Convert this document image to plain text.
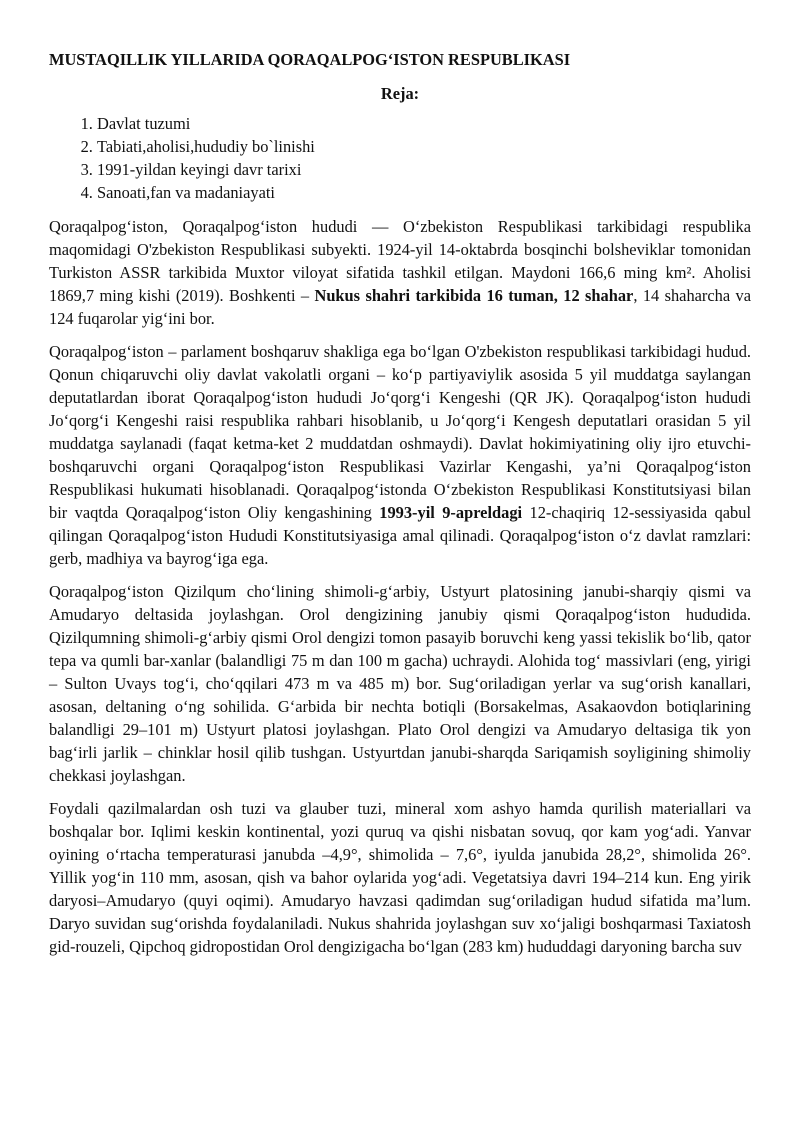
MUSTAQILLIK YILLARIDA QORAQALPOG‘ISTON RESPUBLIKASI
Reja:
1. Davlat tuzumi
2. Tabiati,aholisi,hududiy bo`linishi
3. 1991-yildan keyingi davr tarixi
4. Sanoati,fan va madaniayati

Qoraqalpog‘iston, Qoraqalpog‘iston hududi — O‘zbekiston Respublikasi tarkibidagi respublika maqomidagi O'zbekiston Respublikasi subyekti. 1924-yil 14-oktabrda bosqinchi bolsheviklar tomonidan Turkiston ASSR tarkibida Muxtor viloyat sifatida tashkil etilgan. Maydoni 166,6 ming km². Aholisi 1869,7 ming kishi (2019). Boshkenti – Nukus shahri tarkibida 16 tuman, 12 shahar, 14 shaharcha va 124 fuqarolar yig‘ini bor.

Qoraqalpog‘iston – parlament boshqaruv shakliga ega bo‘lgan O'zbekiston respublikasi tarkibidagi hudud. Qonun chiqaruvchi oliy davlat vakolatli organi – ko‘p partiyaviylik asosida 5 yil muddatga saylangan deputatlardan iborat Qoraqalpog‘iston hududi Jo‘qorg‘i Kengeshi (QR JK). Qoraqalpog‘iston hududi Jo‘qorg‘i Kengeshi raisi respublika rahbari hisoblanib, u Jo‘qorg‘i Kengesh deputatlari orasidan 5 yil muddatga saylanadi (faqat ketma-ket 2 muddatdan oshmaydi). Davlat hokimiyatining oliy ijro etuvchi-boshqaruvchi organi Qoraqalpog‘iston Respublikasi Vazirlar Kengashi, ya’ni Qoraqalpog‘iston Respublikasi hukumati hisoblanadi. Qoraqalpog‘istonda O‘zbekiston Respublikasi Konstitutsiyasi bilan bir vaqtda Qoraqalpog‘iston Oliy kengashining 1993-yil 9-apreldagi 12-chaqiriq 12-sessiyasida qabul qilingan Qoraqalpog‘iston Hududi Konstitutsiyasiga amal qilinadi. Qoraqalpog‘iston o‘z davlat ramzlari: gerb, madhiya va bayrog‘iga ega.

Qoraqalpog‘iston Qizilqum cho‘lining shimoli-g‘arbiy, Ustyurt platosining janubi-sharqiy qismi va Amudaryo deltasida joylashgan. Orol dengizining janubiy qismi Qoraqalpog‘iston hududida. Qizilqumning shimoli-g‘arbiy qismi Orol dengizi tomon pasayib boruvchi keng yassi tekislik bo‘lib, qator tepa va qumli bar-xanlar (balandligi 75 m dan 100 m gacha) uchraydi. Alohida tog‘ massivlari (eng, yirigi – Sulton Uvays tog‘i, cho‘qqilari 473 m va 485 m) bor. Sug‘oriladigan yerlar va sug‘orish kanallari, asosan, deltaning o‘ng sohilida. G‘arbida bir nechta botiqli (Borsakelmas, Asakaovdon botiqlarining balandligi 29–101 m) Ustyurt platosi joylashgan. Plato Orol dengizi va Amudaryo deltasiga tik yon bag‘irli jarlik – chinklar hosil qilib tushgan. Ustyurtdan janubi-sharqda Sariqamish soyligining shimoliy chekkasi joylashgan.

Foydali qazilmalardan osh tuzi va glauber tuzi, mineral xom ashyo hamda qurilish materiallari va boshqalar bor. Iqlimi keskin kontinental, yozi quruq va qishi nisbatan sovuq, qor kam yog‘adi. Yanvar oyining o‘rtacha temperaturasi janubda –4,9°, shimolida – 7,6°, iyulda janubida 28,2°, shimolida 26°. Yillik yog‘in 110 mm, asosan, qish va bahor oylarida yog‘adi. Vegetatsiya davri 194–214 kun. Eng yirik daryosi–Amudaryo (quyi oqimi). Amudaryo havzasi qadimdan sug‘oriladigan hudud sifatida ma’lum. Daryo suvidan sug‘orishda foydalaniladi. Nukus shahrida joylashgan suv xo‘jaligi boshqarmasi Taxiatosh gid-rouzeli, Qipchoq gidropostidan Orol dengizigacha bo‘lgan (283 km) hududdagi daryoning barcha suv
